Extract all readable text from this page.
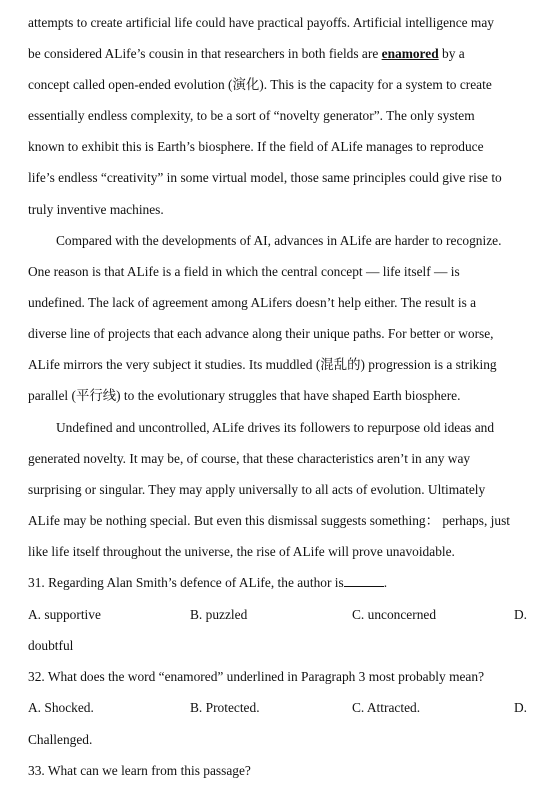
attempts to create artificial life could have practical payoffs. Artificial intelligence may
be considered ALife’s cousin in that researchers in both fields are enamored by a
concept called open-ended evolution (演化). This is the capacity for a system to create
essentially endless complexity, to be a sort of “novelty generator”. The only system
known to exhibit this is Earth’s biosphere. If the field of ALife manages to reproduce
life’s endless “creativity” in some virtual model, those same principles could give rise to
truly inventive machines.
Compared with the developments of AI, advances in ALife are harder to recognize.
One reason is that ALife is a field in which the central concept — life itself — is
undefined. The lack of agreement among ALifers doesn’t help either. The result is a
diverse line of projects that each advance along their unique paths. For better or worse,
ALife mirrors the very subject it studies. Its muddled (混乱的) progression is a striking
parallel (平行线) to the evolutionary struggles that have shaped Earth biosphere.
Undefined and uncontrolled, ALife drives its followers to repurpose old ideas and
generated novelty. It may be, of course, that these characteristics aren’t in any way
surprising or singular. They may apply universally to all acts of evolution. Ultimately
ALife may be nothing special. But even this dismissal suggests something： perhaps, just
like life itself throughout the universe, the rise of ALife will prove unavoidable.
31. Regarding Alan Smith’s defence of ALife, the author is	.
A. supportive	B. puzzled	C. unconcerned	D.
doubtful
32. What does the word “enamored” underlined in Paragraph 3 most probably mean?
A. Shocked.	B. Protected.	C. Attracted.	D.
Challenged.
33. What can we learn from this passage?
